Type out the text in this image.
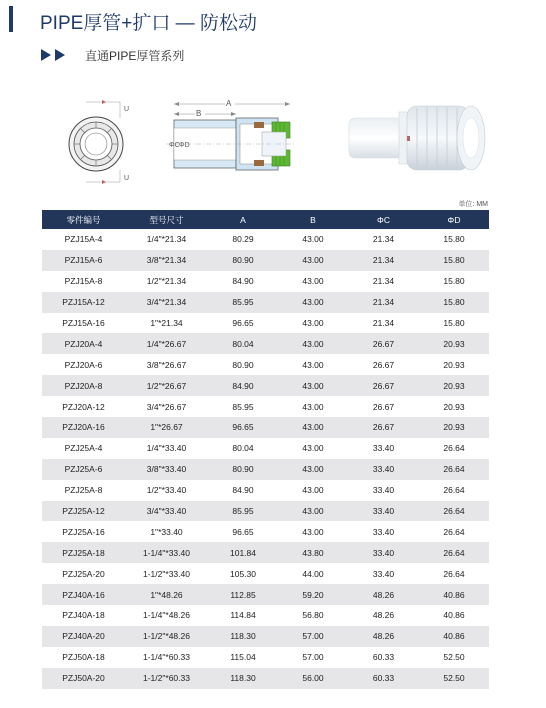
PIPE厚管+扩口 — 防松动
直通PIPE厚管系列
U
U
A
B
ΦC ΦD
单位: MM
零件编号	型号尺寸	A	B	ΦC	ΦD
PZJ15A-4	1/4"*21.34	80.29	43.00	21.34	15.80
PZJ15A-6	3/8"*21.34	80.90	43.00	21.34	15.80
PZJ15A-8	1/2"*21.34	84.90	43.00	21.34	15.80
PZJ15A-12	3/4"*21.34	85.95	43.00	21.34	15.80
PZJ15A-16	1"*21.34	96.65	43.00	21.34	15.80
PZJ20A-4	1/4"*26.67	80.04	43.00	26.67	20.93
PZJ20A-6	3/8"*26.67	80.90	43.00	26.67	20.93
PZJ20A-8	1/2"*26.67	84.90	43.00	26.67	20.93
PZJ20A-12	3/4"*26.67	85.95	43.00	26.67	20.93
PZJ20A-16	1"*26.67	96.65	43.00	26.67	20.93
PZJ25A-4	1/4"*33.40	80.04	43.00	33.40	26.64
PZJ25A-6	3/8"*33.40	80.90	43.00	33.40	26.64
PZJ25A-8	1/2"*33.40	84.90	43.00	33.40	26.64
PZJ25A-12	3/4"*33.40	85.95	43.00	33.40	26.64
PZJ25A-16	1"*33.40	96.65	43.00	33.40	26.64
PZJ25A-18	1-1/4"*33.40	101.84	43.80	33.40	26.64
PZJ25A-20	1-1/2"*33.40	105.30	44.00	33.40	26.64
PZJ40A-16	1"*48.26	112.85	59.20	48.26	40.86
PZJ40A-18	1-1/4"*48.26	114.84	56.80	48.26	40.86
PZJ40A-20	1-1/2"*48.26	118.30	57.00	48.26	40.86
PZJ50A-18	1-1/4"*60.33	115.04	57.00	60.33	52.50
PZJ50A-20	1-1/2"*60.33	118.30	56.00	60.33	52.50
